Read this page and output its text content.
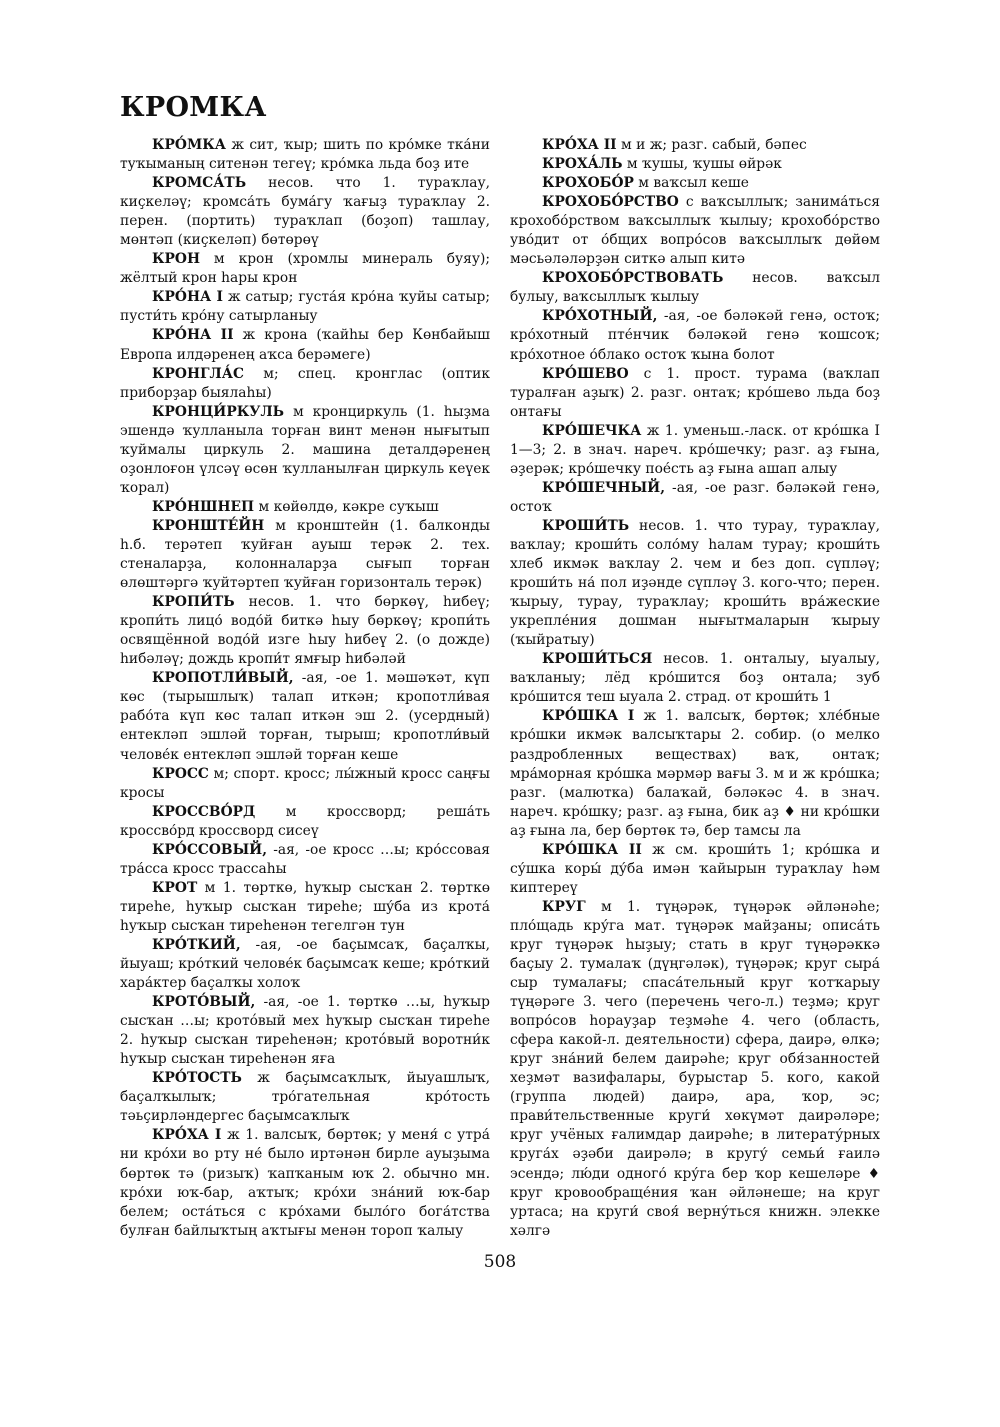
КРОМКА

КРО́МКА ж сит, ҡыр; шить по кро́мке тка́ни туҡыманың ситенән тегеү; кро́мка льда боҙ ите

КРОМСА́ТЬ несов. что 1. тураҡлау, киҫкеләү; кромса́ть бума́гу ҡағыҙ тураҡлау 2. перен. (портить) тураҡлап (боҙоп) ташлау, мөнтәп (киҫкеләп) бөтөрөү

КРОН м крон (хромлы минераль буяу); жёлтый крон һары крон

КРО́НА I ж сатыр; густа́я кро́на ҡуйы сатыр; пусти́ть кро́ну сатырланыу

КРО́НА II ж крона (ҡайһы бер Көнбайыш Европа илдәренең аҡса берәмеге)

КРОНГЛА́С м; спец. кронглас (оптик приборҙар быялаһы)

КРОНЦИ́РКУЛЬ м кронциркуль (1. һыҙма эшендә ҡулланыла торған винт менән нығытып ҡуймалы циркуль 2. машина деталдәренең оҙонлоғон үлсәү өсөн ҡулланылған циркуль кеүек ҡорал)

КРО́НШНЕП м көйөлдө, кәкре суҡыш

КРОНШТЕ́ЙН м кронштейн (1. балконды һ.б. терәтеп ҡуйған ауыш терәк 2. тех. стеналарҙа, колонналарҙа сығып торған өлөштәргә ҡуйтәртеп ҡуйған горизонталь терәк)

КРОПИ́ТЬ несов. 1. что бөркөү, һибеү; кропи́ть лицо́ водо́й биткә һыу бөркөү; кропи́ть освящённой водо́й изге һыу һибеү 2. (о дожде) һибәләү; дождь кропи́т ямғыр һибәләй

КРОПОТЛИ́ВЫЙ, -ая, -ое 1. мәшәҡәт, күп көс (тырышлыҡ) талап иткән; кропотли́вая рабо́та күп көс талап иткән эш 2. (усердный) ентекләп эшләй торған, тырыш; кропотли́вый челове́к ентекләп эшләй торған кеше

КРОСС м; спорт. кросс; лы́жный кросс саңғы кросы

КРОССВО́РД м кроссворд; реша́ть кроссво́рд кроссворд сисеү

КРО́ССОВЫЙ, -ая, -ое кросс …ы; кро́ссовая тра́сса кросс трассаһы

КРОТ м 1. төрткө, һуҡыр сысҡан 2. төрткө тиреһе, һуҡыр сысҡан тиреһе; шу́ба из крота́ һуҡыр сысҡан тиреһенән тегелгән тун

КРО́ТКИЙ, -ая, -ое баҫымсаҡ, баҫалҡы, йыуаш; кро́ткий челове́к баҫымсаҡ кеше; кро́ткий хара́ктер баҫалҡы холоҡ

КРОТО́ВЫЙ, -ая, -ое 1. төрткө …ы, һуҡыр сысҡан …ы; кротóвый мех һуҡыр сысҡан тиреһе 2. һуҡыр сысҡан тиреһенән; кротóвый воротни́к һуҡыр сысҡан тиреһенән яға

КРО́ТОСТЬ ж баҫымсаҡлыҡ, йыуашлыҡ, баҫалҡылыҡ; тро́гательная кро́тость тәьҫирләндергес баҫымсаҡлыҡ

КРО́ХА I ж 1. валсыҡ, бөртөк; у меня́ с утра́ ни кро́хи во рту не́ было иртәнән бирле ауыҙыма бөртөк тә (ризыҡ) ҡапҡаным юҡ 2. обычно мн. кро́хи юҡ-бар, аҡтыҡ; кро́хи зна́ний юҡ-бар белем; оста́ться с кро́хами было́го бога́тства булған байлыҡтың аҡтығы менән тороп ҡалыу

КРО́ХА II м и ж; разг. сабый, бәпес

КРОХА́ЛЬ м ҡушы, ҡушы өйрәк

КРОХОБО́Р м ваҡсыл кеше

КРОХОБО́РСТВО с ваҡсыллыҡ; занима́ться крохобо́рством ваҡсыллыҡ ҡылыу; крохобо́рство уво́дит от о́бщих вопро́сов ваҡсыллыҡ дөйөм мәсьәләләрҙән ситкә алып китә

КРОХОБО́РСТВОВАТЬ несов. ваҡсыл булыу, ваҡсыллыҡ ҡылыу

КРО́ХОТНЫЙ, -ая, -ое бәләкәй генә, остоҡ; кро́хотный пте́нчик бәләкәй генә ҡошсоҡ; кро́хотное о́блако остоҡ ҡына болот

КРО́ШЕВО с 1. прост. турама (ваҡлап туралған аҙыҡ) 2. разг. онтаҡ; кро́шево льда боҙ онтағы

КРО́ШЕЧКА ж 1. уменьш.-ласк. от кро́шка I 1—3; 2. в знач. нареч. кро́шечку; разг. аҙ ғына, әҙерәк; кро́шечку пое́сть аҙ ғына ашап алыу

КРО́ШЕЧНЫЙ, -ая, -ое разг. бәләкәй генә, остоҡ

КРОШИ́ТЬ несов. 1. что турау, тураҡлау, ваҡлау; кроши́ть соло́му һалам турау; кроши́ть хлеб икмәк ваҡлау 2. чем и без доп. сүпләү; кроши́ть на́ пол иҙәнде сүпләү 3. кого-что; перен. ҡырыу, турау, тураҡлау; кроши́ть вра́жеские укрепле́ния дошман нығытмаларын ҡырыу (ҡыйратыу)

КРОШИ́ТЬСЯ несов. 1. онталыу, ыуалыу, ваҡланыу; лёд кро́шится боҙ онтала; зуб кро́шится теш ыуала 2. страд. от кроши́ть 1

КРО́ШКА I ж 1. валсыҡ, бөртөк; хле́бные кро́шки икмәк валсыҡтары 2. собир. (о мелко раздробленных веществах) ваҡ, онтаҡ; мра́морная кро́шка мәрмәр вағы 3. м и ж кро́шка; разг. (малютка) балаҡай, бәләкәс 4. в знач. нареч. кро́шку; разг. аҙ ғына, бик аҙ ♦ ни кро́шки аҙ ғына ла, бер бөртөк тә, бер тамсы ла

КРО́ШКА II ж см. кроши́ть 1; кро́шка и су́шка коры́ ду́ба имән ҡайырын тураҡлау һәм киптереү

КРУГ м 1. түңәрәк, түңәрәк әйләнәһе; пло́щадь кру́га мат. түңәрәк майҙаны; описа́ть круг түңәрәк һыҙыу; стать в круг түңәрәккә баҫыу 2. тумалаҡ (дүңгәләк), түңәрәк; круг сыра́ сыр тумалағы; спаса́тельный круг ҡотҡарыу түңәрәге 3. чего (перечень чего-л.) теҙмә; круг вопро́сов һорауҙар теҙмәһе 4. чего (область, сфера какой-л. деятельности) сфера, даирә, өлкә; круг зна́ний белем даирәһе; круг обя́занностей хеҙмәт вазифалары, бурыстар 5. кого, какой (группа людей) даирә, ара, ҡор, эс; прави́тельственные круги́ хөкүмәт даирәләре; круг учёных ғалимдар даирәһе; в литерату́рных круга́х әҙәби даирәлә; в кругу́ семьи́ ғаилә эсендә; лю́ди одного́ кру́га бер ҡор кешеләре ♦ круг кровообраще́ния ҡан әйләнеше; на круг уртаса; на круги́ своя́ верну́ться книжн. элекке хәлгә

508
